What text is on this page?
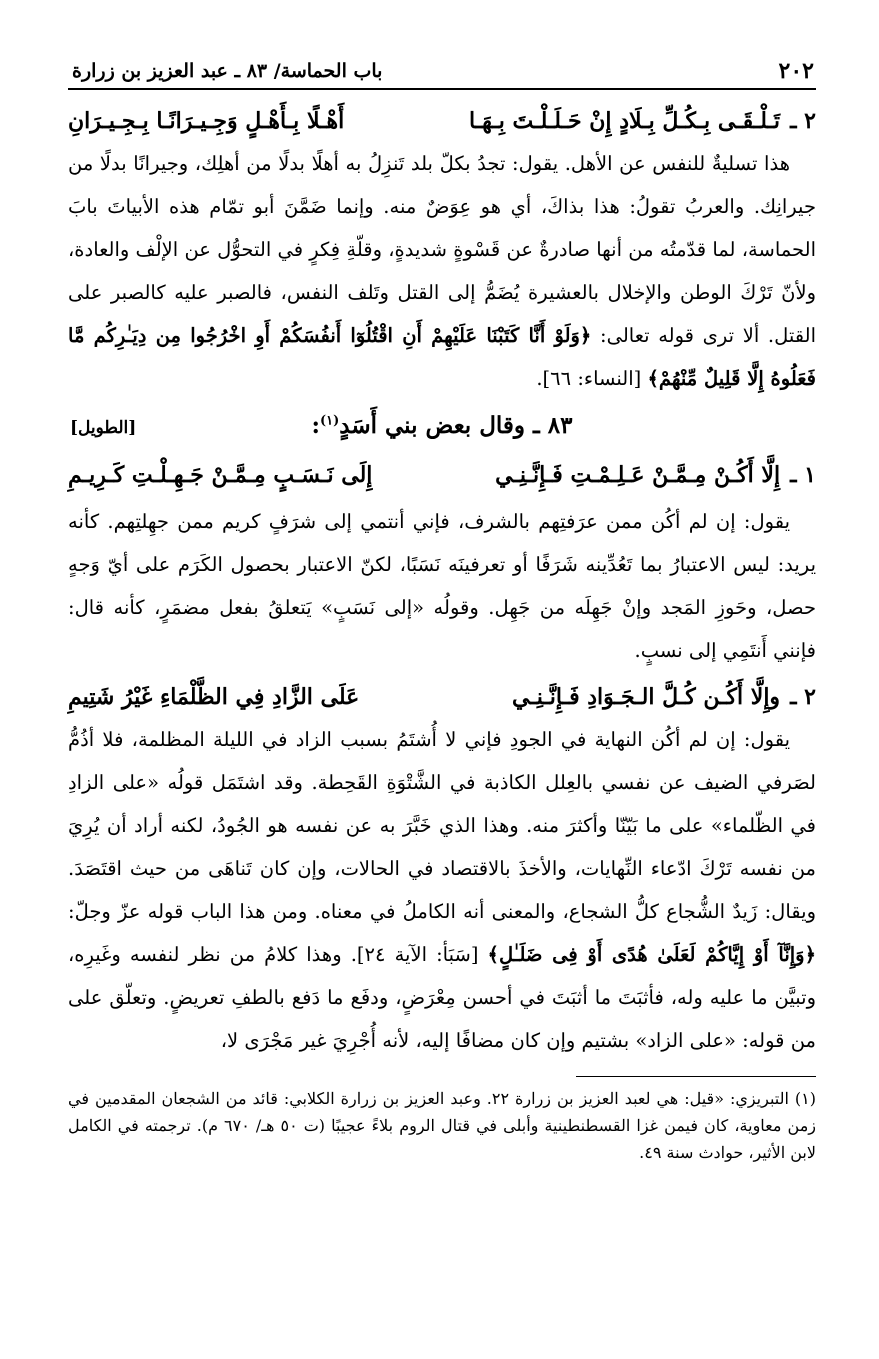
٢٠٢
باب الحماسة/ ٨٣ ـ عبد العزيز بن زرارة
٢ ـ
تَـلْـقَـى بِـكُـلِّ بِـلَادٍ إِنْ حَـلَـلْـتَ بِـهَـا
أَهْـلًا بِـأَهْـلٍ وَجِـيـرَانًـا بِـجِـيـرَانِ

هذا تسليةٌ للنفس عن الأهل. يقول: تجدُ بكلّ بلد تَنزِلُ به أهلًا بدلًا من أهلِك، وجيرانًا بدلًا من جيرانِك. والعربُ تقولُ: هذا بذاكَ، أي هو عِوَضٌ منه. وإنما ضَمَّنَ أبو تمّام هذه الأبياتَ بابَ الحماسة، لما قدّمتُه من أنها صادرةٌ عن قَسْوةٍ شديدةٍ، وقلّةِ فِكرٍ في التحوُّل عن الإلْف والعادة، ولأنّ تَرْكَ الوطن والإخلال بالعشيرة يُضَمُّ إلى القتل وتَلف النفس، فالصبر عليه كالصبر على القتل. ألا ترى قوله تعالى: ﴿وَلَوْ أَنَّا كَتَبْنَا عَلَيْهِمْ أَنِ اقْتُلُوٓا أَنفُسَكُمْ أَوِ اخْرُجُوا مِن دِيَـٰرِكُم مَّا فَعَلُوهُ إِلَّا قَلِيلٌ مِّنْهُمْ﴾ [النساء: ٦٦].

٨٣ ـ وقال بعض بني أَسَدٍ$^{(١)}$:
[الطويل]
١ ـ
إِلَّا أَكُـنْ مِـمَّـنْ عَـلِـمْـتِ فَـإِنَّـنِـي
إِلَى نَـسَـبٍ مِـمَّـنْ جَـهِـلْـتِ كَـرِيـمِ

يقول: إن لم أكُن ممن عرَفتِهم بالشرف، فإني أنتمي إلى شرَفٍ كريم ممن جهِلتِهم. كأنه يريد: ليس الاعتبارُ بما تَعُدِّينه شَرَفًا أو تعرفينَه نَسَبًا، لكنّ الاعتبار بحصول الكَرَم على أيّ وَجهٍ حصل، وحَوزِ المَجد وإنْ جَهِلَه من جَهِل. وقولُه «إلى نَسَبٍ» يَتعلقُ بفعل مضمَرٍ، كأنه قال: فإنني أَنتَمِي إلى نسبٍ.

٢ ـ
وإِلَّا أَكُـن كُـلَّ الـجَـوَادِ فَـإِنَّـنِـي
عَلَى الزَّادِ فِي الظَّلْمَاءِ غَيْرُ شَتِيمِ

يقول: إن لم أكُن النهاية في الجودِ فإني لا أُشتَمُ بسبب الزاد في الليلة المظلمة، فلا أذُمُّ لصَرفي الضيف عن نفسي بالعِلل الكاذبة في الشَّتْوَةِ القَحِطة. وقد اشتَمَل قولُه «على الزادِ في الظّلماء» على ما بَيّنّا وأكثرَ منه. وهذا الذي خَبَّرَ به عن نفسه هو الجُودُ، لكنه أراد أن يُرِيَ من نفسه تَرْكَ ادّعاء النِّهايات، والأخذَ بالاقتصاد في الحالات، وإن كان تَناهَى من حيث اقتَصَدَ. ويقال: زَيدٌ الشُّجاع كلُّ الشجاع، والمعنى أنه الكاملُ في معناه. ومن هذا الباب قوله عزّ وجلّ: ﴿وَإِنَّآ أَوْ إِيَّاكُمْ لَعَلَىٰ هُدًى أَوْ فِى ضَلَـٰلٍ﴾ [سَبَأ: الآية ٢٤]. وهذا كلامُ من نظر لنفسه وغَيرِه، وتبيَّن ما عليه وله، فأثبَتَ ما أثبَتَ في أحسن مِعْرَضٍ، ودفَع ما دَفع بالطفِ تعريضٍ. وتعلّق على من قوله: «على الزاد» بشتيم وإن كان مضافًا إليه، لأنه أُجْرِيَ غير مَجْرَى لا،

(١) التبريزي: «قيل: هي لعبد العزيز بن زرارة ٢٢. وعبد العزيز بن زرارة الكلابي: قائد من الشجعان المقدمين في زمن معاوية، كان فيمن غزا القسطنطينية وأبلى في قتال الروم بلاءً عجيبًا (ت ٥٠ هـ/ ٦٧٠ م). ترجمته في الكامل لابن الأثير، حوادث سنة ٤٩.
